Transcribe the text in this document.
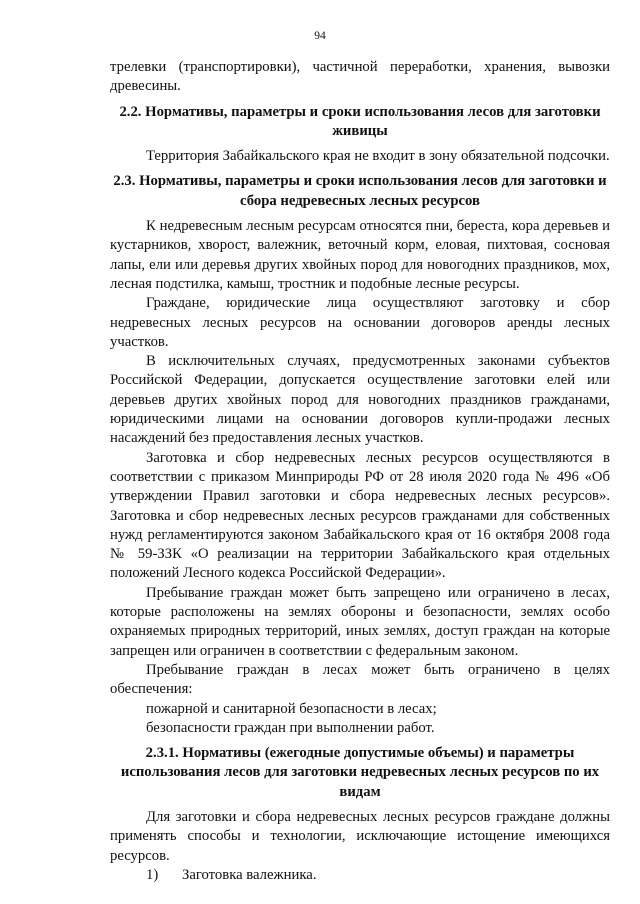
94

трелевки (транспортировки), частичной переработки, хранения, вывозки древесины.

2.2. Нормативы, параметры и сроки использования лесов для заготовки живицы

Территория Забайкальского края не входит в зону обязательной подсочки.

2.3. Нормативы, параметры и сроки использования лесов для заготовки и сбора недревесных лесных ресурсов

К недревесным лесным ресурсам относятся пни, береста, кора деревьев и кустарников, хворост, валежник, веточный корм, еловая, пихтовая, сосновая лапы, ели или деревья других хвойных пород для новогодних праздников, мох, лесная подстилка, камыш, тростник и подобные лесные ресурсы.

Граждане, юридические лица осуществляют заготовку и сбор недревесных лесных ресурсов на основании договоров аренды лесных участков.

В исключительных случаях, предусмотренных законами субъектов Российской Федерации, допускается осуществление заготовки елей или деревьев других хвойных пород для новогодних праздников гражданами, юридическими лицами на основании договоров купли-продажи лесных насаждений без предоставления лесных участков.

Заготовка и сбор недревесных лесных ресурсов осуществляются в соответствии с приказом Минприроды РФ от 28 июля 2020 года № 496 «Об утверждении Правил заготовки и сбора недревесных лесных ресурсов». Заготовка и сбор недревесных лесных ресурсов гражданами для собственных нужд регламентируются законом Забайкальского края от 16 октября 2008 года № 59-ЗЗК «О реализации на территории Забайкальского края отдельных положений Лесного кодекса Российской Федерации».

Пребывание граждан может быть запрещено или ограничено в лесах, которые расположены на землях обороны и безопасности, землях особо охраняемых природных территорий, иных землях, доступ граждан на которые запрещен или ограничен в соответствии с федеральным законом.

Пребывание граждан в лесах может быть ограничено в целях обеспечения:

пожарной и санитарной безопасности в лесах;

безопасности граждан при выполнении работ.

2.3.1. Нормативы (ежегодные допустимые объемы) и параметры использования лесов для заготовки недревесных лесных ресурсов по их видам

Для заготовки и сбора недревесных лесных ресурсов граждане должны применять способы и технологии, исключающие истощение имеющихся ресурсов.

1) Заготовка валежника.
